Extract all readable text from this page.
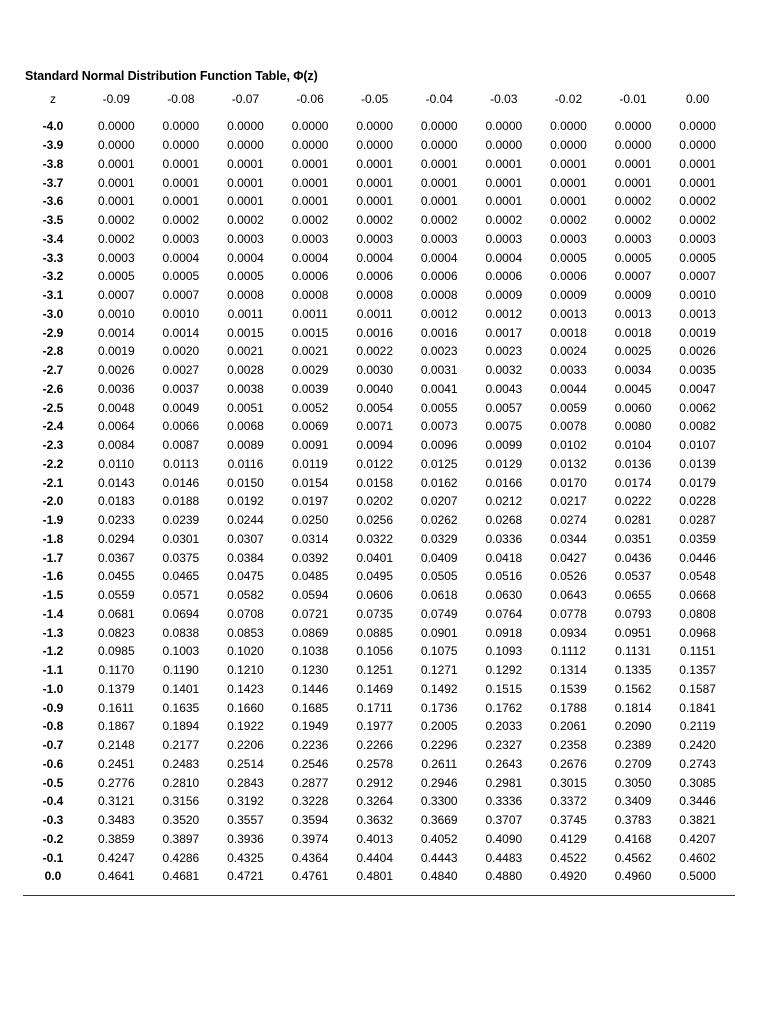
Standard Normal Distribution Function Table, Φ(z)
z	-0.09	-0.08	-0.07	-0.06	-0.05	-0.04	-0.03	-0.02	-0.01	0.00

-4.0	0.0000	0.0000	0.0000	0.0000	0.0000	0.0000	0.0000	0.0000	0.0000	0.0000
-3.9	0.0000	0.0000	0.0000	0.0000	0.0000	0.0000	0.0000	0.0000	0.0000	0.0000
-3.8	0.0001	0.0001	0.0001	0.0001	0.0001	0.0001	0.0001	0.0001	0.0001	0.0001
-3.7	0.0001	0.0001	0.0001	0.0001	0.0001	0.0001	0.0001	0.0001	0.0001	0.0001
-3.6	0.0001	0.0001	0.0001	0.0001	0.0001	0.0001	0.0001	0.0001	0.0002	0.0002
-3.5	0.0002	0.0002	0.0002	0.0002	0.0002	0.0002	0.0002	0.0002	0.0002	0.0002
-3.4	0.0002	0.0003	0.0003	0.0003	0.0003	0.0003	0.0003	0.0003	0.0003	0.0003
-3.3	0.0003	0.0004	0.0004	0.0004	0.0004	0.0004	0.0004	0.0005	0.0005	0.0005
-3.2	0.0005	0.0005	0.0005	0.0006	0.0006	0.0006	0.0006	0.0006	0.0007	0.0007
-3.1	0.0007	0.0007	0.0008	0.0008	0.0008	0.0008	0.0009	0.0009	0.0009	0.0010
-3.0	0.0010	0.0010	0.0011	0.0011	0.0011	0.0012	0.0012	0.0013	0.0013	0.0013
-2.9	0.0014	0.0014	0.0015	0.0015	0.0016	0.0016	0.0017	0.0018	0.0018	0.0019
-2.8	0.0019	0.0020	0.0021	0.0021	0.0022	0.0023	0.0023	0.0024	0.0025	0.0026
-2.7	0.0026	0.0027	0.0028	0.0029	0.0030	0.0031	0.0032	0.0033	0.0034	0.0035
-2.6	0.0036	0.0037	0.0038	0.0039	0.0040	0.0041	0.0043	0.0044	0.0045	0.0047
-2.5	0.0048	0.0049	0.0051	0.0052	0.0054	0.0055	0.0057	0.0059	0.0060	0.0062
-2.4	0.0064	0.0066	0.0068	0.0069	0.0071	0.0073	0.0075	0.0078	0.0080	0.0082
-2.3	0.0084	0.0087	0.0089	0.0091	0.0094	0.0096	0.0099	0.0102	0.0104	0.0107
-2.2	0.0110	0.0113	0.0116	0.0119	0.0122	0.0125	0.0129	0.0132	0.0136	0.0139
-2.1	0.0143	0.0146	0.0150	0.0154	0.0158	0.0162	0.0166	0.0170	0.0174	0.0179
-2.0	0.0183	0.0188	0.0192	0.0197	0.0202	0.0207	0.0212	0.0217	0.0222	0.0228
-1.9	0.0233	0.0239	0.0244	0.0250	0.0256	0.0262	0.0268	0.0274	0.0281	0.0287
-1.8	0.0294	0.0301	0.0307	0.0314	0.0322	0.0329	0.0336	0.0344	0.0351	0.0359
-1.7	0.0367	0.0375	0.0384	0.0392	0.0401	0.0409	0.0418	0.0427	0.0436	0.0446
-1.6	0.0455	0.0465	0.0475	0.0485	0.0495	0.0505	0.0516	0.0526	0.0537	0.0548
-1.5	0.0559	0.0571	0.0582	0.0594	0.0606	0.0618	0.0630	0.0643	0.0655	0.0668
-1.4	0.0681	0.0694	0.0708	0.0721	0.0735	0.0749	0.0764	0.0778	0.0793	0.0808
-1.3	0.0823	0.0838	0.0853	0.0869	0.0885	0.0901	0.0918	0.0934	0.0951	0.0968
-1.2	0.0985	0.1003	0.1020	0.1038	0.1056	0.1075	0.1093	0.1112	0.1131	0.1151
-1.1	0.1170	0.1190	0.1210	0.1230	0.1251	0.1271	0.1292	0.1314	0.1335	0.1357
-1.0	0.1379	0.1401	0.1423	0.1446	0.1469	0.1492	0.1515	0.1539	0.1562	0.1587
-0.9	0.1611	0.1635	0.1660	0.1685	0.1711	0.1736	0.1762	0.1788	0.1814	0.1841
-0.8	0.1867	0.1894	0.1922	0.1949	0.1977	0.2005	0.2033	0.2061	0.2090	0.2119
-0.7	0.2148	0.2177	0.2206	0.2236	0.2266	0.2296	0.2327	0.2358	0.2389	0.2420
-0.6	0.2451	0.2483	0.2514	0.2546	0.2578	0.2611	0.2643	0.2676	0.2709	0.2743
-0.5	0.2776	0.2810	0.2843	0.2877	0.2912	0.2946	0.2981	0.3015	0.3050	0.3085
-0.4	0.3121	0.3156	0.3192	0.3228	0.3264	0.3300	0.3336	0.3372	0.3409	0.3446
-0.3	0.3483	0.3520	0.3557	0.3594	0.3632	0.3669	0.3707	0.3745	0.3783	0.3821
-0.2	0.3859	0.3897	0.3936	0.3974	0.4013	0.4052	0.4090	0.4129	0.4168	0.4207
-0.1	0.4247	0.4286	0.4325	0.4364	0.4404	0.4443	0.4483	0.4522	0.4562	0.4602
0.0	0.4641	0.4681	0.4721	0.4761	0.4801	0.4840	0.4880	0.4920	0.4960	0.5000
